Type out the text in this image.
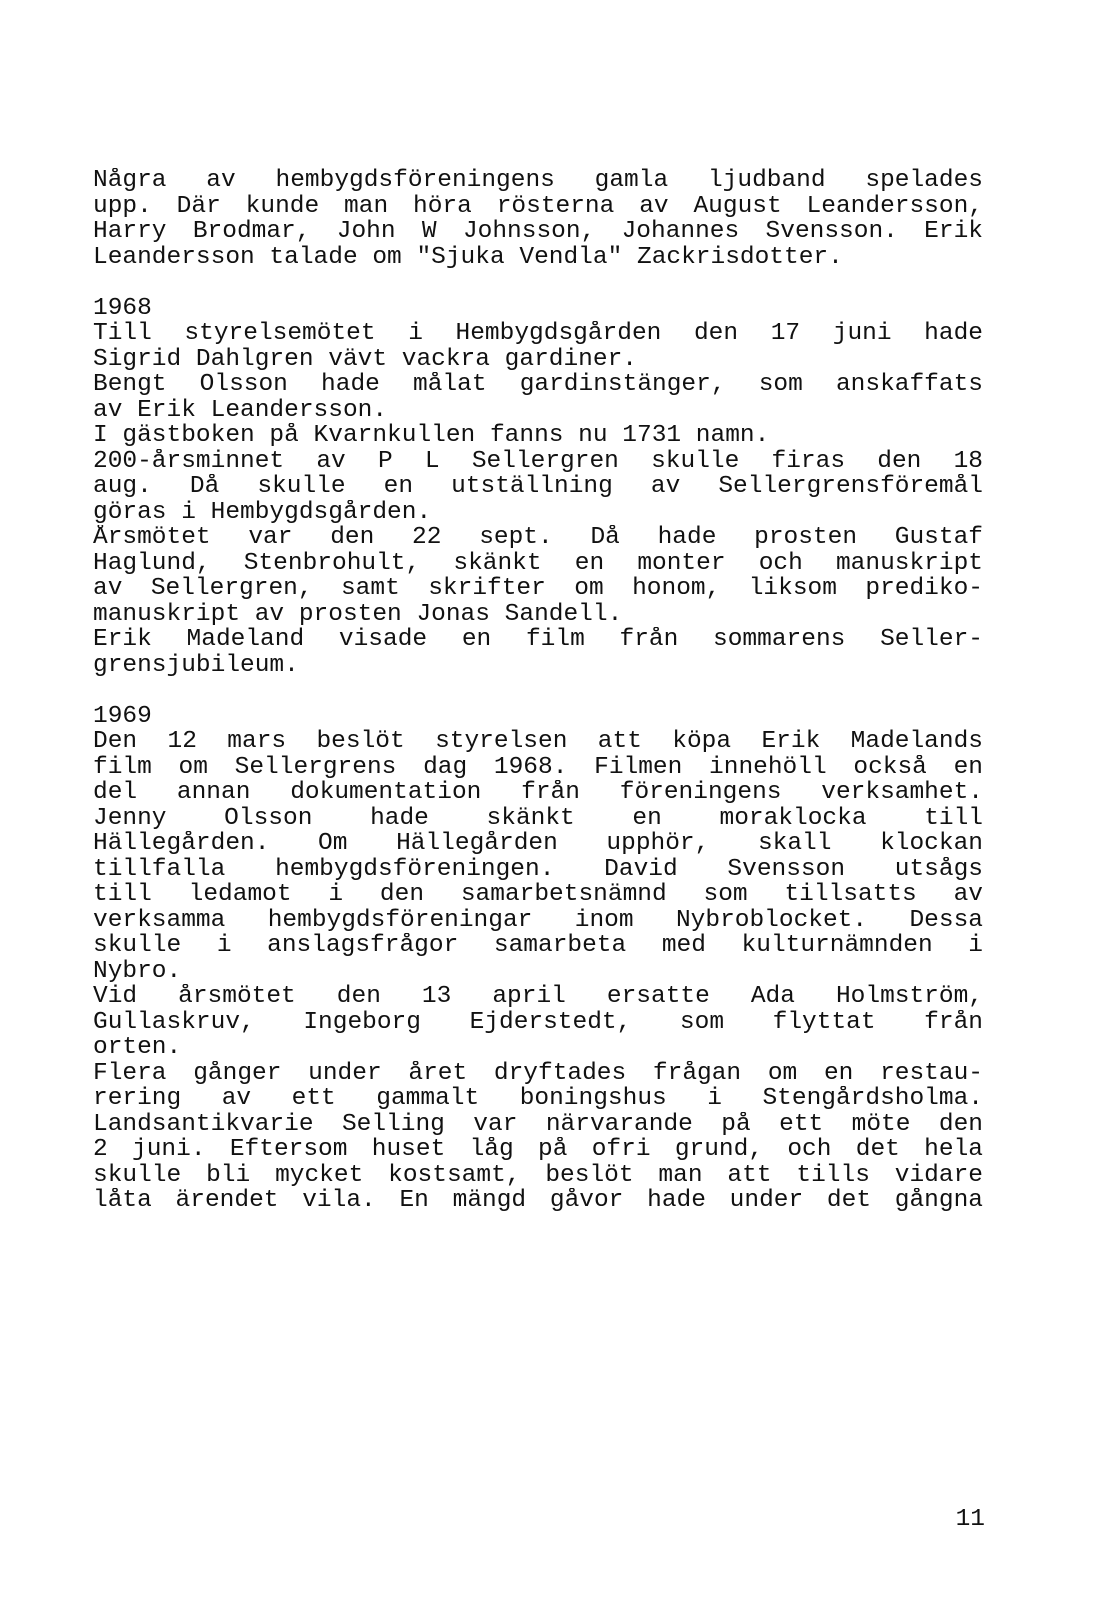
Några av hembygdsföreningens gamla ljudband spelades
upp. Där kunde man höra rösterna av August Leandersson,
Harry Brodmar, John W Johnsson, Johannes Svensson. Erik
Leandersson talade om "Sjuka Vendla" Zackrisdotter.
1968
Till styrelsemötet i Hembygdsgården den 17 juni hade
Sigrid Dahlgren vävt vackra gardiner.
Bengt Olsson hade målat gardinstänger, som anskaffats
av Erik Leandersson.
I gästboken på Kvarnkullen fanns nu 1731 namn.
200-årsminnet av P L Sellergren skulle firas den 18
aug. Då skulle en utställning av Sellergrensföremål
göras i Hembygdsgården.
Årsmötet var den 22 sept. Då hade prosten Gustaf
Haglund, Stenbrohult, skänkt en monter och manuskript
av Sellergren, samt skrifter om honom, liksom prediko-
manuskript av prosten Jonas Sandell.
Erik Madeland visade en film från sommarens Seller-
grensjubileum.
1969
Den 12 mars beslöt styrelsen att köpa Erik Madelands
film om Sellergrens dag 1968. Filmen innehöll också en
del annan dokumentation från föreningens verksamhet.
Jenny Olsson hade skänkt en moraklocka till
Hällegården. Om Hällegården upphör, skall klockan
tillfalla hembygdsföreningen. David Svensson utsågs
till ledamot i den samarbetsnämnd som tillsatts av
verksamma hembygdsföreningar inom Nybroblocket. Dessa
skulle i anslagsfrågor samarbeta med kulturnämnden i
Nybro.
Vid årsmötet den 13 april ersatte Ada Holmström,
Gullaskruv, Ingeborg Ejderstedt, som flyttat från
orten.
Flera gånger under året dryftades frågan om en restau-
rering av ett gammalt boningshus i Stengårdsholma.
Landsantikvarie Selling var närvarande på ett möte den
2 juni. Eftersom huset låg på ofri grund, och det hela
skulle bli mycket kostsamt, beslöt man att tills vidare
låta ärendet vila. En mängd gåvor hade under det gångna
11
